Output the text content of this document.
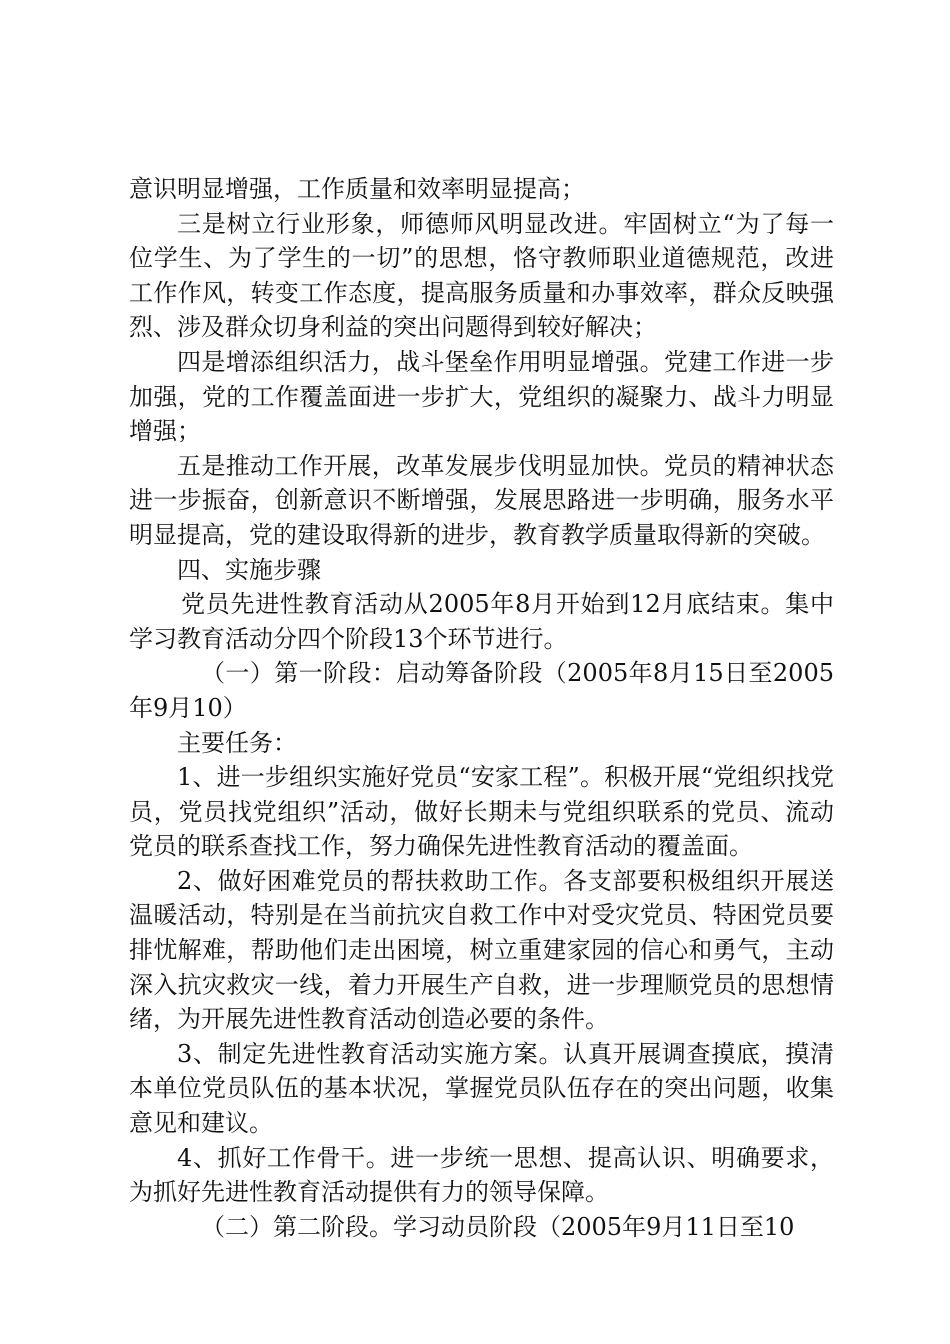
意识明显增强，工作质量和效率明显提高；

三是树立行业形象，师德师风明显改进。牢固树立“为了每一位学生、为了学生的一切”的思想，恪守教师职业道德规范，改进工作作风，转变工作态度，提高服务质量和办事效率，群众反映强烈、涉及群众切身利益的突出问题得到较好解决；

四是增添组织活力，战斗堡垒作用明显增强。党建工作进一步加强，党的工作覆盖面进一步扩大，党组织的凝聚力、战斗力明显增强；

五是推动工作开展，改革发展步伐明显加快。党员的精神状态进一步振奋，创新意识不断增强，发展思路进一步明确，服务水平明显提高，党的建设取得新的进步，教育教学质量取得新的突破。

四、实施步骤

党员先进性教育活动从2005年8月开始到12月底结束。集中学习教育活动分四个阶段13个环节进行。

（一）第一阶段：启动筹备阶段（2005年8月15日至2005年9月10）

主要任务：

1、进一步组织实施好党员“安家工程”。积极开展“党组织找党员，党员找党组织”活动，做好长期未与党组织联系的党员、流动党员的联系查找工作，努力确保先进性教育活动的覆盖面。

2、做好困难党员的帮扶救助工作。各支部要积极组织开展送温暖活动，特别是在当前抗灾自救工作中对受灾党员、特困党员要排忧解难，帮助他们走出困境，树立重建家园的信心和勇气，主动深入抗灾救灾一线，着力开展生产自救，进一步理顺党员的思想情绪，为开展先进性教育活动创造必要的条件。

3、制定先进性教育活动实施方案。认真开展调查摸底，摸清本单位党员队伍的基本状况，掌握党员队伍存在的突出问题，收集意见和建议。

4、抓好工作骨干。进一步统一思想、提高认识、明确要求，为抓好先进性教育活动提供有力的领导保障。

（二）第二阶段。学习动员阶段（2005年9月11日至10
